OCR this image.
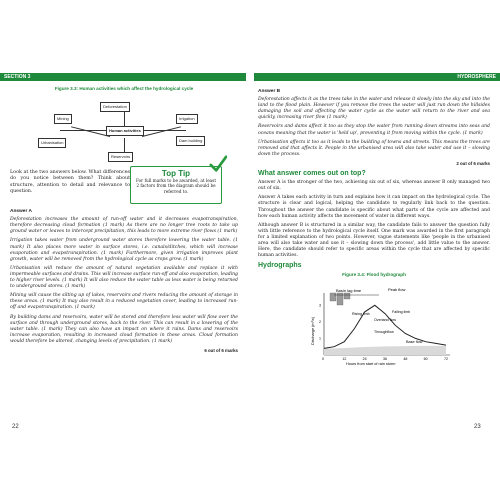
SECTION 3	HYDROSPHERE
Figure 3.3: Human activities which affect the hydrological cycle
Deforestation
Mining	Irrigation
Human activities
Urbanisation	Dam building
Reservoirs

Look at the two answers below. What differences do you notice between them? Think about structure, attention to detail and relevance to question.

Top Tip
For full marks to be awarded, at least 2 factors from the diagram should be referred to.
Answer A

Deforestation increases the amount of run-off water and it decreases evapotranspiration, therefore decreasing cloud formation (1 mark) As there are no longer tree roots to take up ground water or leaves to intercept precipitation, this leads to more extreme river flows (1 mark)

Irrigation takes water from underground water stores therefore lowering the water table. (1 mark) It also places more water in surface stores, i.e. canals/ditches, which will increase evaporation and evapotranspiration. (1 mark) Furthermore, given irrigation improves plant growth, water will be removed from the hydrological cycle as crops grow. (1 mark)

Urbanisation will reduce the amount of natural vegetation available and replace it with impermeable surfaces and drains. This will increase surface run-off and also evaporation, leading to higher river levels. (1 mark) It will also reduce the water table as less water is being returned to underground stores. (1 mark)

Mining will cause the silting up of lakes, reservoirs and rivers reducing the amount of storage in these areas. (1 mark) It may also result in a reduced vegetation cover, leading to increased run-off and evapotranspiration. (1 mark)

By building dams and reservoirs, water will be stored and therefore less water will flow over the surface and through underground stores, back to the river. This can result in a lowering of the water table. (1 mark) They can also have an impact on where it rains. Dams and reservoirs increase evaporation, resulting in increased cloud formation in these areas. Cloud formation would therefore be altered, changing levels of precipitation. (1 mark)

6 out of 6 marks
Answer B

Deforestation affects it as the trees take in the water and release it slowly into the sky and into the land to the flood plain. However if you remove the trees the water will just run down the hillsides damaging the soil and affecting the water cycle as the water will return to the river and sea quickly, increasing river flow (1 mark)

Reservoirs and dams affect it too as they stop the water from running down streams into seas and oceans meaning that the water is 'held up', preventing it from moving within the cycle. (1 mark)

Urbanisation affects it too as it leads to the building of towns and streets. This means the trees are removed and that affects it. People in the urbanised area will also take water and use it – slowing down the process.

2 out of 6 marks
What answer comes out on top?

Answer A is the stronger of the two, achieving six out of six, whereas answer B only managed two out of six.

Answer A takes each activity in turn and explains how it can impact on the hydrological cycle. The structure is clear and logical, helping the candidate to regularly link back to the question. Throughout the answer the candidate is specific about what parts of the cycle are affected and how each human activity affects the movement of water in different ways.

Although answer B is structured in a similar way, the candidate fails to answer the question fully with little reference to the hydrological cycle itself. One mark was awarded in the first paragraph for a limited explanation of two points. However, vague statements like 'people in the urbanised area will also take water and use it – slowing down the process', add little value to the answer. Here, the candidate should refer to specific areas within the cycle that are affected by specific human activities.

Hydrographs
Figure 3.4: Flood hydrograph
0	12	24	36	48	60	72
1
2
3
Basin lag time	Peak flow
Rising limb	Falling limb
Overland flow
Throughflow
Base flow
Discharge (m³/s)
Hours from start of rain storm
22	23
